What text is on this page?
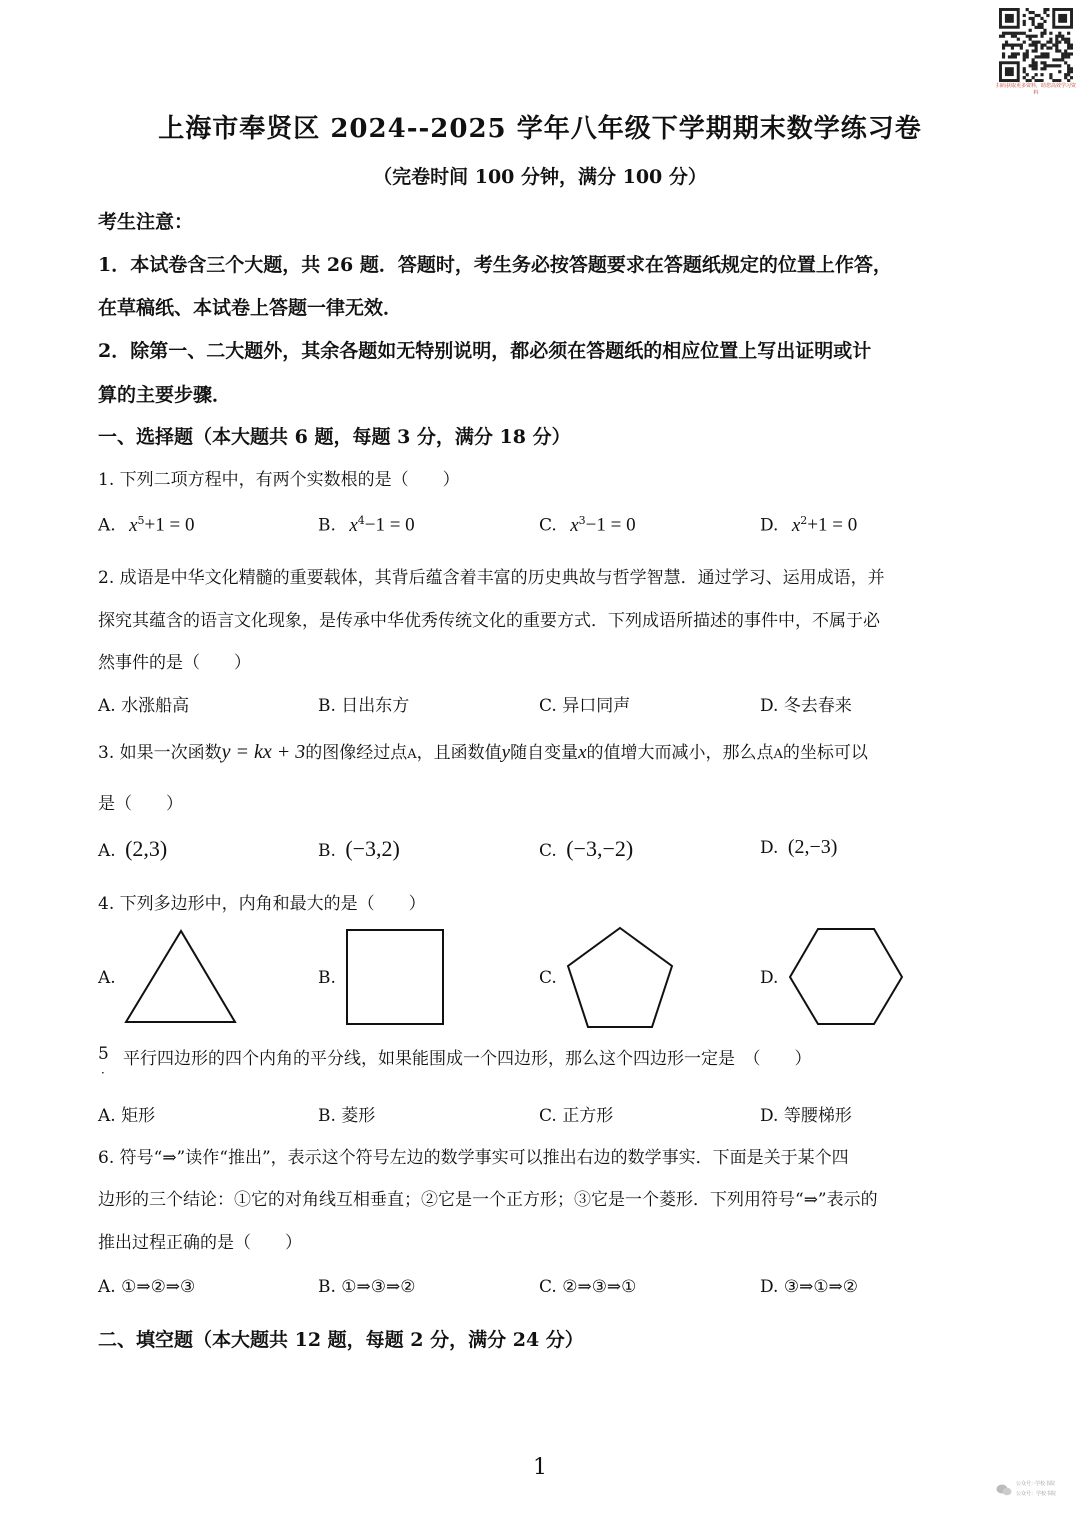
扫码获取更多资料，助您高效学习资料
上海市奉贤区 2024--2025 学年八年级下学期期末数学练习卷
（完卷时间 100 分钟，满分 100 分）
考生注意：
1．本试卷含三个大题，共 26 题．答题时，考生务必按答题要求在答题纸规定的位置上作答，
在草稿纸、本试卷上答题一律无效．
2．除第一、二大题外，其余各题如无特别说明，都必须在答题纸的相应位置上写出证明或计
算的主要步骤．
一、选择题（本大题共 6 题，每题 3 分，满分 18 分）
1. 下列二项方程中，有两个实数根的是（　　）
A. $x^5+1 = 0$	B. $x^4-1 = 0$	C. $x^3-1 = 0$	D. $x^2+1 = 0$
2. 成语是中华文化精髓的重要载体，其背后蕴含着丰富的历史典故与哲学智慧．通过学习、运用成语，并
探究其蕴含的语言文化现象，是传承中华优秀传统文化的重要方式．下列成语所描述的事件中，不属于必
然事件的是（　　）
A. 水涨船高	B. 日出东方	C. 异口同声	D. 冬去春来
3. 如果一次函数y = kx + 3的图像经过点A，且函数值y随自变量x的值增大而减小，那么点A的坐标可以
是（　　）
A. (2,3)	B. (−3,2)	C. (−3,−2)	D. (2,−3)
4. 下列多边形中，内角和最大的是（　　）
A.	B.	C.	D.
5
． 平行四边形的四个内角的平分线，如果能围成一个四边形，那么这个四边形一定是　（　　）
A. 矩形	B. 菱形	C. 正方形	D. 等腰梯形
6. 符号“⇒”读作“推出”，表示这个符号左边的数学事实可以推出右边的数学事实．下面是关于某个四
边形的三个结论：①它的对角线互相垂直；②它是一个正方形；③它是一个菱形．下列用符号“⇒”表示的
推出过程正确的是（　　）
A. ①⇒②⇒③	B. ①⇒③⇒②	C. ②⇒③⇒①	D. ③⇒①⇒②
二、填空题（本大题共 12 题，每题 2 分，满分 24 分）
1
公众号：·学校书院
公众号：学校书院
